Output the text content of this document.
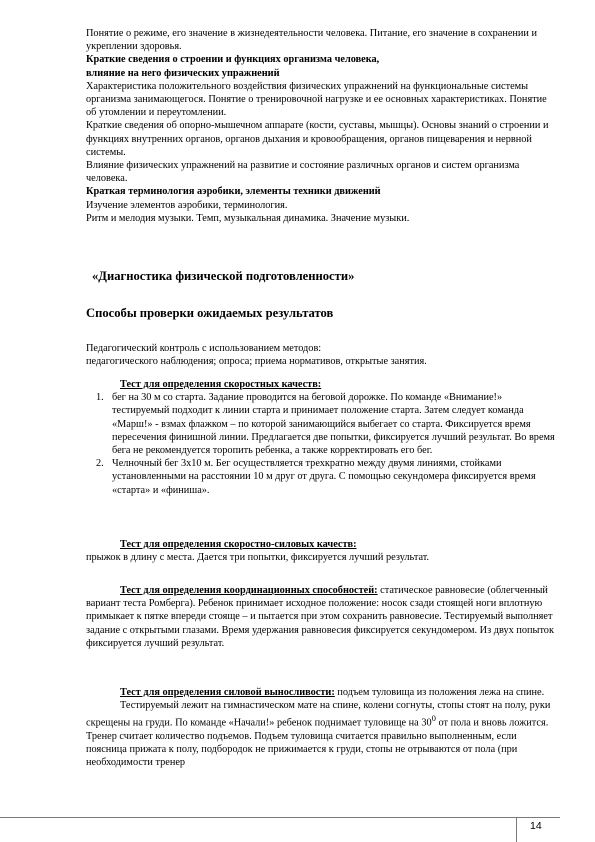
Понятие о режиме, его значение в жизнедеятельности человека. Питание, его значение в сохранении и укреплении здоровья.

Краткие сведения о строении и функциях организма человека,

влияние на него физических упражнений

Характеристика положительного воздействия физических упражнений на функциональные системы организма занимающегося. Понятие о тренировочной нагрузке и ее основных характеристиках. Понятие об утомлении и переутомлении.

Краткие сведения об опорно-мышечном аппарате (кости, суставы, мышцы). Основы знаний о строении и функциях внутренних органов, органов дыхания и кровообращения, органов пищеварения и нервной системы.

Влияние физических упражнений на развитие и состояние различных органов и систем организма человека.

Краткая терминология аэробики, элементы техники движений

Изучение элементов аэробики, терминология.

Ритм и мелодия музыки. Темп, музыкальная динамика. Значение музыки.

«Диагностика физической подготовленности»
Способы проверки ожидаемых результатов

Педагогический контроль с использованием методов:

педагогического наблюдения; опроса; приема нормативов, открытые занятия.

Тест для определения скоростных качеств:

1. бег на 30 м со старта. Задание проводится на беговой дорожке. По команде «Внимание!» тестируемый подходит к линии старта и принимает положение старта. Затем следует команда «Марш!» - взмах флажком – по которой занимающийся выбегает со старта. Фиксируется время пересечения финишной линии. Предлагается две попытки, фиксируется лучший результат. Во время бега не рекомендуется торопить ребенка, а также корректировать его бег.
2. Челночный бег 3x10 м. Бег осуществляется трехкратно между двумя линиями, стойками установленными на расстоянии 10 м друг от друга. С помощью секундомера фиксируется время «старта» и «финиша».

Тест для определения скоростно-силовых качеств:

прыжок в длину с места. Дается три попытки, фиксируется лучший результат.

Тест для определения координационных способностей: статическое равновесие (облегченный вариант теста Ромберга). Ребенок принимает исходное положение: носок сзади стоящей ноги вплотную примыкает к пятке впереди стояще – и пытается при этом сохранить равновесие. Тестируемый выполняет задание с открытыми глазами. Время удержания равновесия фиксируется секундомером. Из двух попыток фиксируется лучший результат.

Тест для определения силовой выносливости: подъем туловища из положения лежа на спине.

Тестируемый лежит на гимнастическом мате на спине, колени согнуты, стопы стоят на полу, руки скрещены на груди. По команде «Начали!» ребенок поднимает туловище на $30^0$ от пола и вновь ложится. Тренер считает количество подъемов. Подъем туловища считается правильно выполненным, если поясница прижата к полу, подбородок не прижимается к груди, стопы не отрываются от пола (при необходимости тренер

14
